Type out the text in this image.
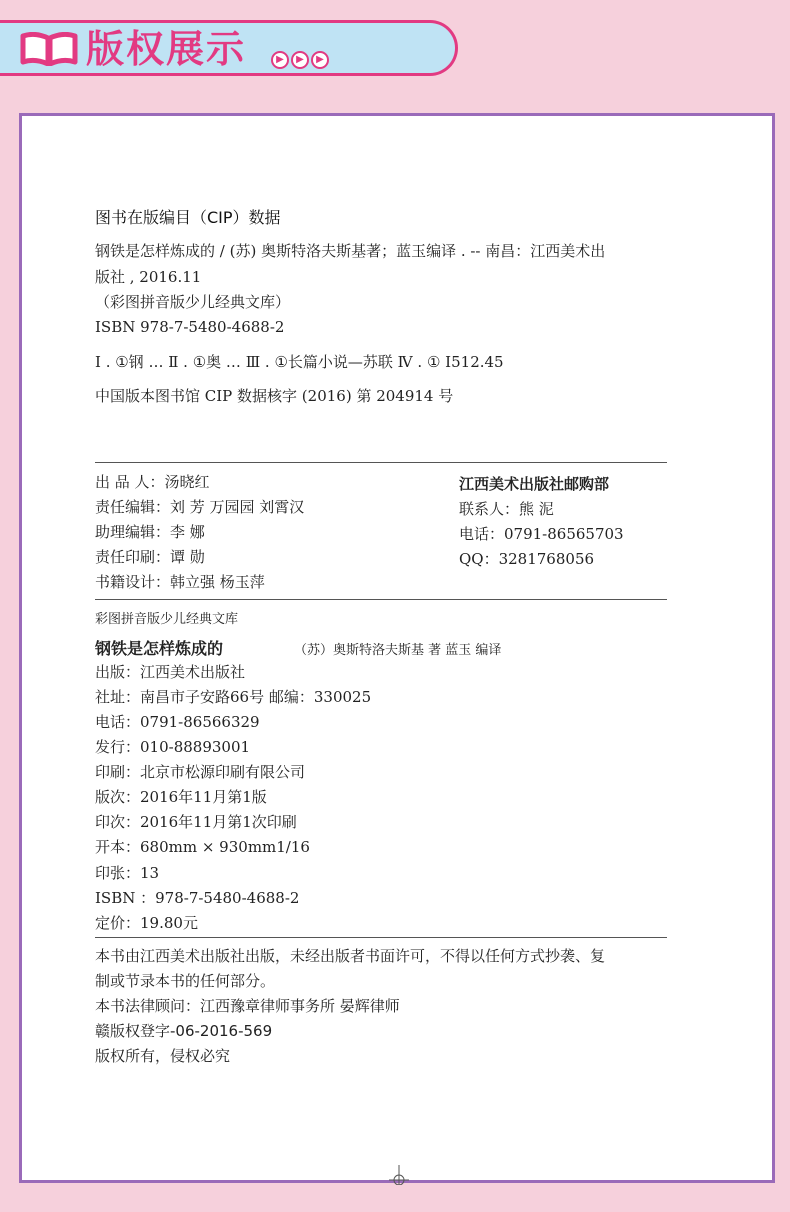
版权展示	▶	▶	▶
图书在版编目（CIP）数据
钢铁是怎样炼成的 / (苏) 奥斯特洛夫斯基著；蓝玉编译 . -- 南昌：江西美术出
版社 , 2016.11
（彩图拼音版少儿经典文库）
ISBN 978-7-5480-4688-2
Ⅰ . ①钢 … Ⅱ . ①奥 … Ⅲ . ①长篇小说—苏联 Ⅳ . ① I512.45
中国版本图书馆 CIP 数据核字 (2016) 第 204914 号
出 品 人：汤晓红
责任编辑：刘 芳 万园园 刘霄汉
助理编辑：李 娜
责任印刷：谭 勋
书籍设计：韩立强 杨玉萍
江西美术出版社邮购部
联系人：熊 泥
电话：0791-86565703
QQ：3281768056
彩图拼音版少儿经典文库
钢铁是怎样炼成的	（苏）奥斯特洛夫斯基 著 蓝玉 编译
出版：江西美术出版社
社址：南昌市子安路66号 邮编：330025
电话：0791-86566329
发行：010-88893001
印刷：北京市松源印刷有限公司
版次：2016年11月第1版
印次：2016年11月第1次印刷
开本：680mm × 930mm1/16
印张：13
ISBN ：978-7-5480-4688-2
定价：19.80元
本书由江西美术出版社出版，未经出版者书面许可，不得以任何方式抄袭、复
制或节录本书的任何部分。
本书法律顾问：江西豫章律师事务所 晏辉律师
赣版权登字-06-2016-569
版权所有，侵权必究
